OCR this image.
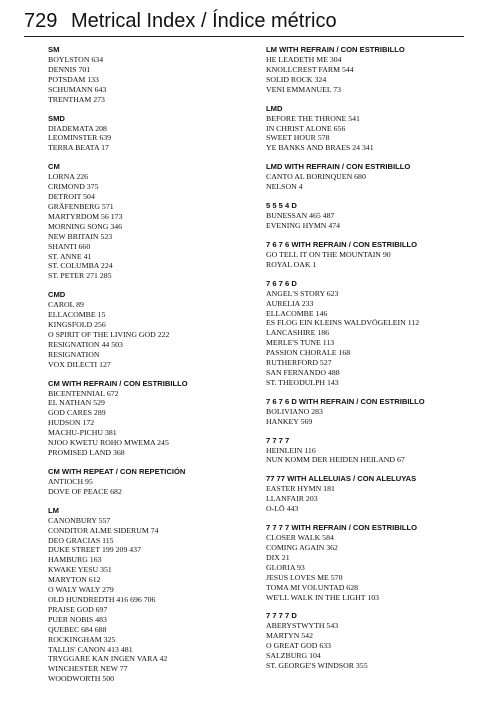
729 Metrical Index / Índice métrico
SM
BOYLSTON 634
DENNIS 701
POTSDAM 133
SCHUMANN 643
TRENTHAM 273
SMD
DIADEMATA 208
LEOMINSTER 639
TERRA BEATA 17
CM
LORNA 226
CRIMOND 375
DETROIT 504
GRÄFENBERG 571
MARTYRDOM 56 173
MORNING SONG 346
NEW BRITAIN 523
SHANTI 660
ST. ANNE 41
ST. COLUMBA 224
ST. PETER 271 285
CMD
CAROL 89
ELLACOMBE 15
KINGSFOLD 256
O SPIRIT OF THE LIVING GOD 222
RESIGNATION 44 503
RESIGNATION
VOX DILECTI 127
CM WITH REFRAIN / CON ESTRIBILLO
BICENTENNIAL 672
EL NATHAN 529
GOD CARES 289
HUDSON 172
MACHU-PICHU 381
NJOO KWETU ROHO MWEMA 245
PROMISED LAND 368
CM WITH REPEAT / CON REPETICIÓN
ANTIOCH 95
DOVE OF PEACE 682
LM
CANONBURY 557
CONDITOR ALME SIDERUM 74
DEO GRACIAS 115
DUKE STREET 199 209 437
HAMBURG 163
KWAKE YESU 351
MARYTON 612
O WALY WALY 279
OLD HUNDREDTH 416 696 706
PRAISE GOD 697
PUER NOBIS 483
QUEBEC 684 688
ROCKINGHAM 325
TALLIS' CANON 413 481
TRYGGARE KAN INGEN VARA 42
WINCHESTER NEW 77
WOODWORTH 500
LM WITH REFRAIN / CON ESTRIBILLO
HE LEADETH ME 304
KNOLLCREST FARM 544
SOLID ROCK 324
VENI EMMANUEL 73
LMD
BEFORE THE THRONE 541
IN CHRIST ALONE 656
SWEET HOUR 578
YE BANKS AND BRAES 24 341
LMD WITH REFRAIN / CON ESTRIBILLO
CANTO AL BORINQUEN 680
NELSON 4
5 5 5 4 D
BUNESSAN 465 487
EVENING HYMN 474
7 6 7 6 WITH REFRAIN / CON ESTRIBILLO
GO TELL IT ON THE MOUNTAIN 90
ROYAL OAK 1
7 6 7 6 D
ANGEL'S STORY 623
AURELIA 233
ELLACOMBE 146
ES FLOG EIN KLEINS WALDVÖGELEIN 112
LANCASHIRE 186
MERLE'S TUNE 113
PASSION CHORALE 168
RUTHERFORD 527
SAN FERNANDO 488
ST. THEODULPH 143
7 6 7 6 D WITH REFRAIN / CON ESTRIBILLO
BOLIVIANO 283
HANKEY 569
7 7 7 7
HEINLEIN 116
NUN KOMM DER HEIDEN HEILAND 67
77 77 WITH ALLELUIAS / CON ALELUYAS
EASTER HYMN 181
LLANFAIR 203
O-LŌ 443
7 7 7 7 WITH REFRAIN / CON ESTRIBILLO
CLOSER WALK 584
COMING AGAIN 362
DIX 21
GLORIA 93
JESUS LOVES ME 570
TOMA MI VOLUNTAD 628
WE'LL WALK IN THE LIGHT 103
7 7 7 7 D
ABERYSTWYTH 543
MARTYN 542
O GREAT GOD 633
SALZBURG 104
ST. GEORGE'S WINDSOR 355
